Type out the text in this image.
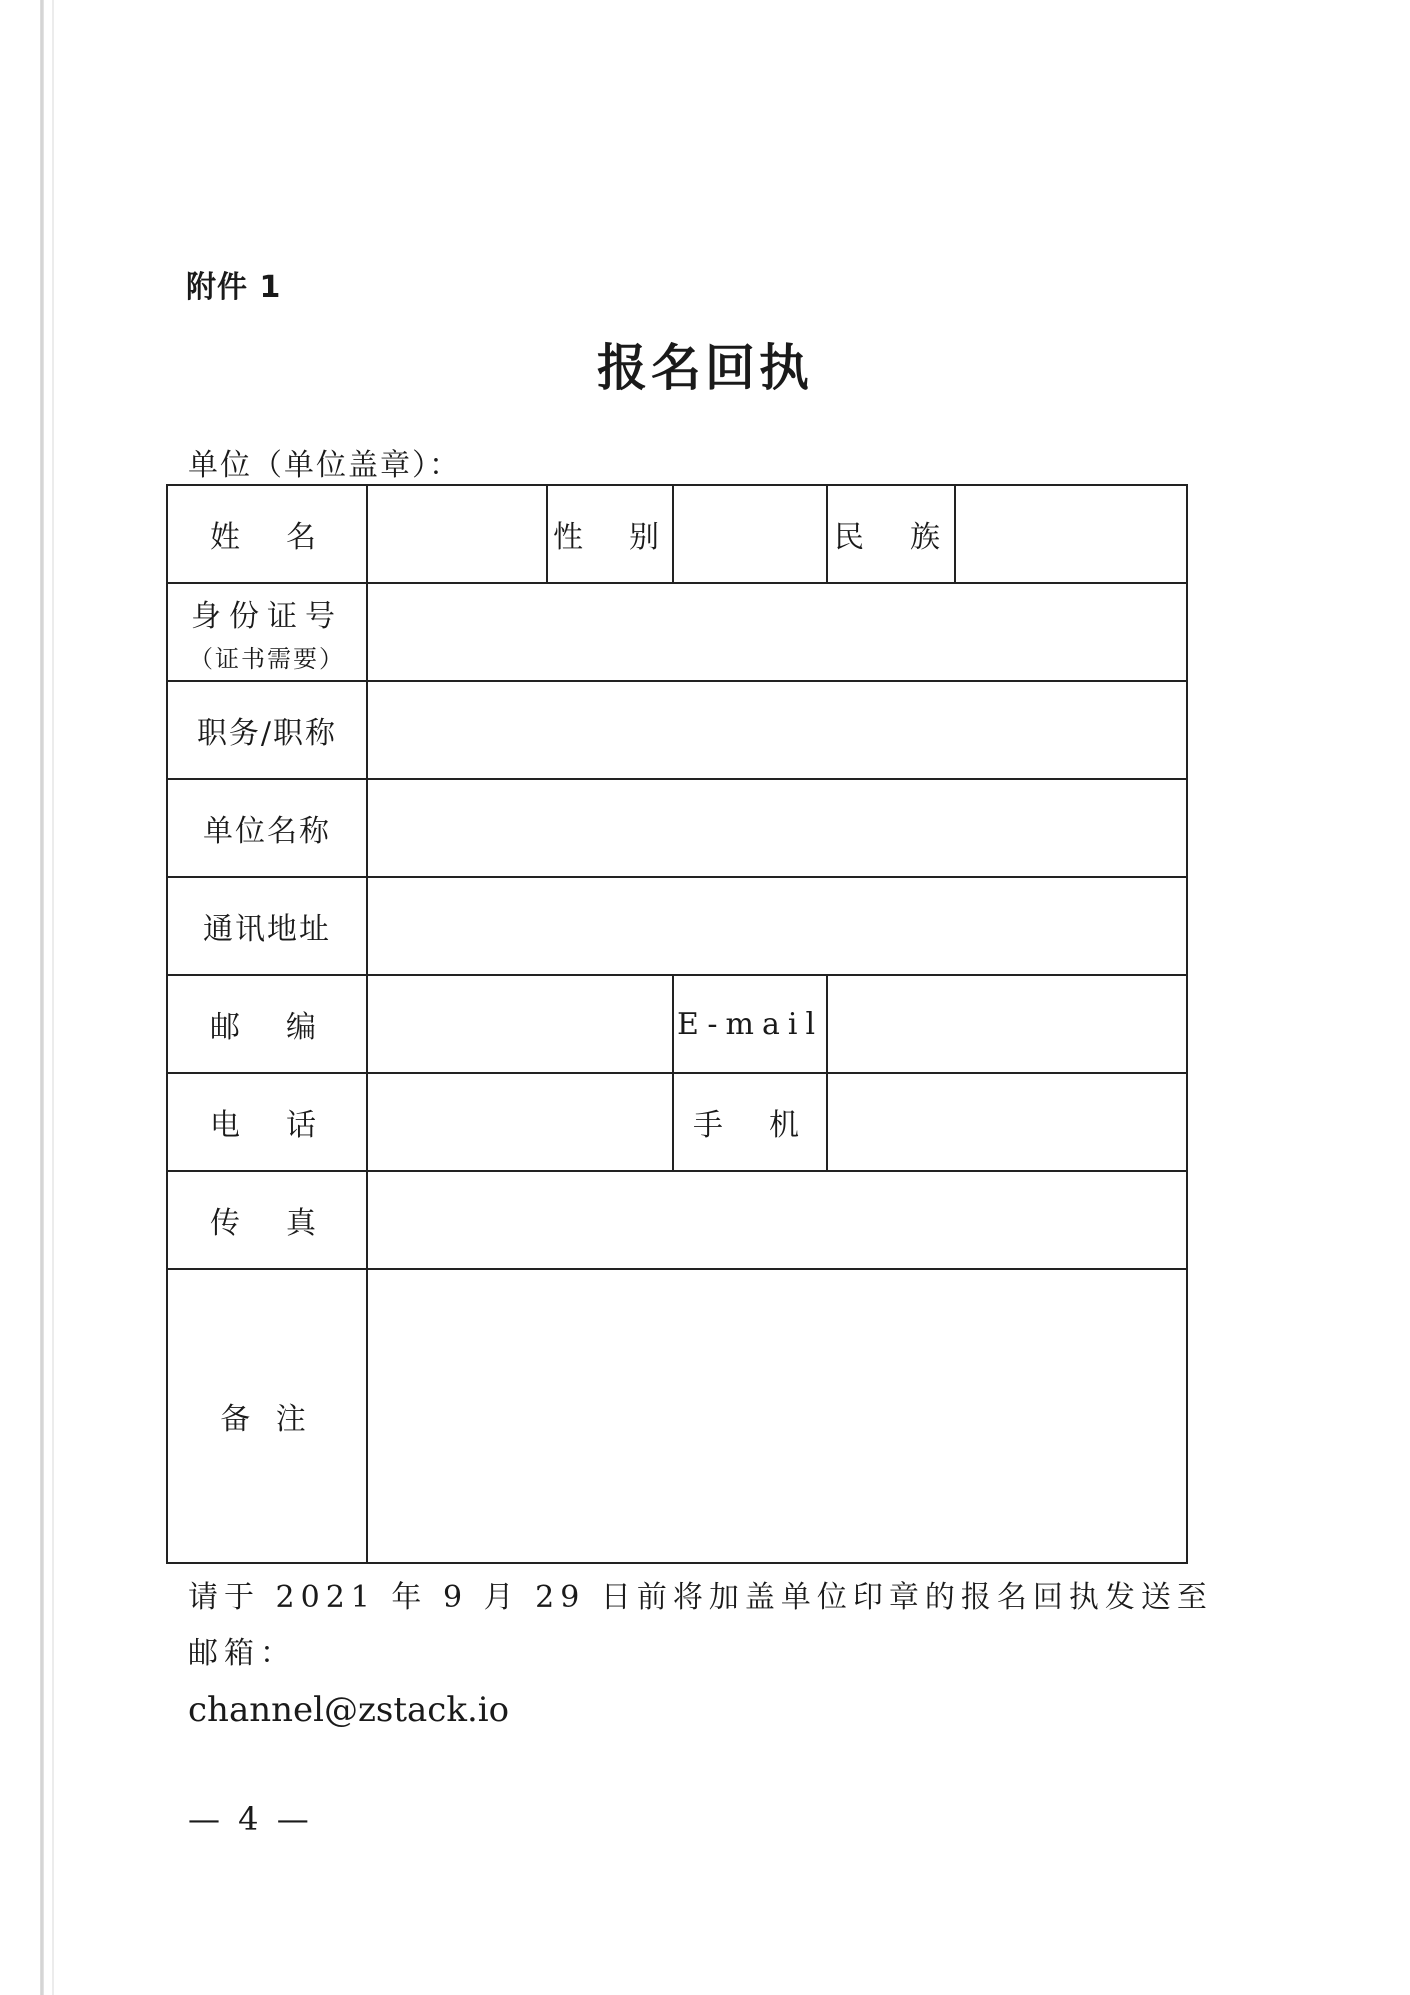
附件 1
报名回执
单位（单位盖章）：
姓　名		性　别		民　族	
身份证号
（证书需要）					

职务/职称					
单位名称					
通讯地址					
邮　编			E-mail		
电　话			手　机		
传　真					
备 注					
请于 2021 年 9 月 29 日前将加盖单位印章的报名回执发送至邮箱：
channel@zstack.io
— 4 —
